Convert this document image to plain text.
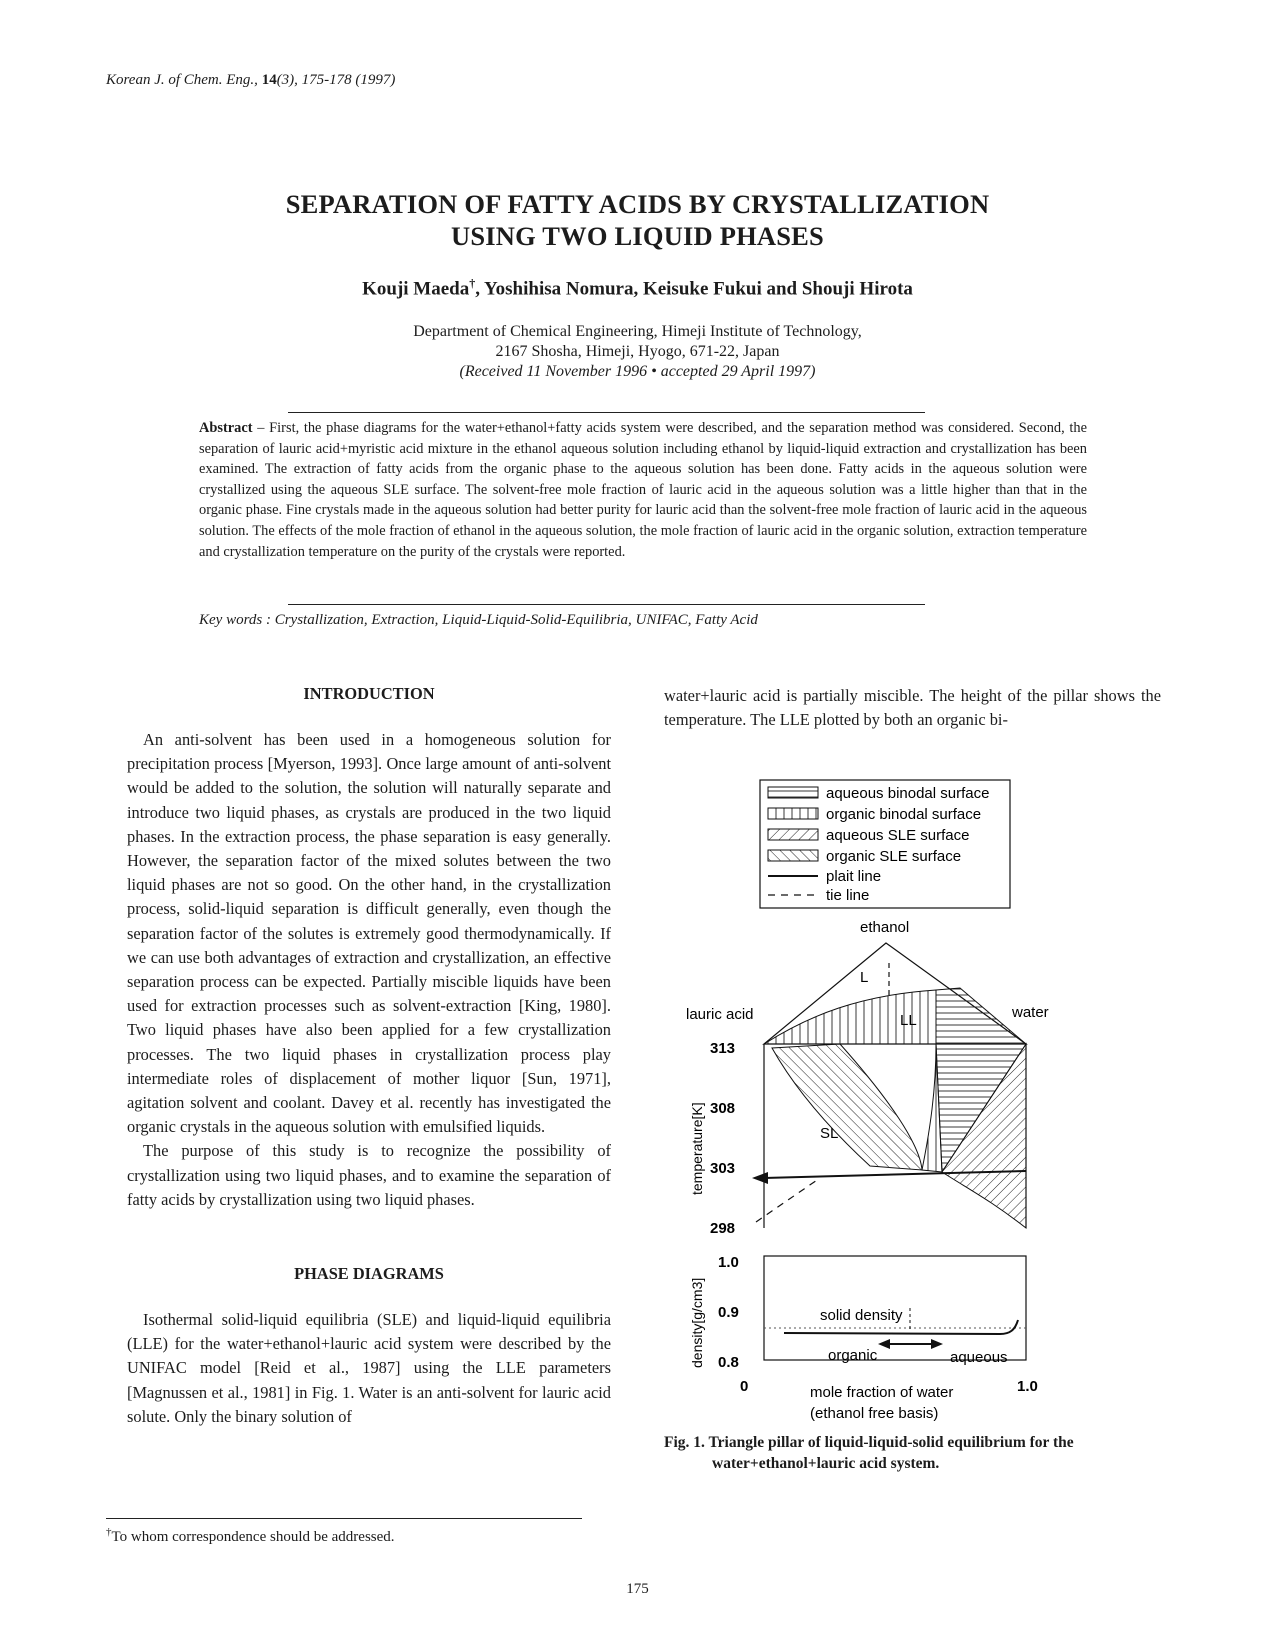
Korean J. of Chem. Eng., 14(3), 175-178 (1997)
SEPARATION OF FATTY ACIDS BY CRYSTALLIZATION
USING TWO LIQUID PHASES
Kouji Maeda†, Yoshihisa Nomura, Keisuke Fukui and Shouji Hirota
Department of Chemical Engineering, Himeji Institute of Technology,
2167 Shosha, Himeji, Hyogo, 671-22, Japan
(Received 11 November 1996 • accepted 29 April 1997)
Abstract – First, the phase diagrams for the water+ethanol+fatty acids system were described, and the separation method was considered. Second, the separation of lauric acid+myristic acid mixture in the ethanol aqueous solution including ethanol by liquid-liquid extraction and crystallization has been examined. The extraction of fatty acids from the organic phase to the aqueous solution has been done. Fatty acids in the aqueous solution were crystallized using the aqueous SLE surface. The solvent-free mole fraction of lauric acid in the aqueous solution was a little higher than that in the organic phase. Fine crystals made in the aqueous solution had better purity for lauric acid than the solvent-free mole fraction of lauric acid in the aqueous solution. The effects of the mole fraction of ethanol in the aqueous solution, the mole fraction of lauric acid in the organic solution, extraction temperature and crystallization temperature on the purity of the crystals were reported.
Key words : Crystallization, Extraction, Liquid-Liquid-Solid-Equilibria, UNIFAC, Fatty Acid
INTRODUCTION

An anti-solvent has been used in a homogeneous solution for precipitation process [Myerson, 1993]. Once large amount of anti-solvent would be added to the solution, the solution will naturally separate and introduce two liquid phases, as crystals are produced in the two liquid phases. In the extraction process, the phase separation is easy generally. However, the separation factor of the mixed solutes between the two liquid phases are not so good. On the other hand, in the crystallization process, solid-liquid separation is difficult generally, even though the separation factor of the solutes is extremely good thermodynamically. If we can use both advantages of extraction and crystallization, an effective separation process can be expected. Partially miscible liquids have been used for extraction processes such as solvent-extraction [King, 1980]. Two liquid phases have also been applied for a few crystallization processes. The two liquid phases in crystallization process play intermediate roles of displacement of mother liquor [Sun, 1971], agitation solvent and coolant. Davey et al. recently has investigated the organic crystals in the aqueous solution with emulsified liquids.

The purpose of this study is to recognize the possibility of crystallization using two liquid phases, and to examine the separation of fatty acids by crystallization using two liquid phases.

PHASE DIAGRAMS

Isothermal solid-liquid equilibria (SLE) and liquid-liquid equilibria (LLE) for the water+ethanol+lauric acid system were described by the UNIFAC model [Reid et al., 1987] using the LLE parameters [Magnussen et al., 1981] in Fig. 1. Water is an anti-solvent for lauric acid solute. Only the binary solution of

†To whom correspondence should be addressed.
water+lauric acid is partially miscible. The height of the pillar shows the temperature. The LLE plotted by both an organic bi-
aqueous binodal surface
organic binodal surface
aqueous SLE surface
organic SLE surface
plait line
tie line
ethanol
lauric acid	water
L
LL
SL
313
308
303
298
temperature[K]
solid density
organic	aqueous
1.0
0.9
0.8
density[g/cm3]
0	1.0
mole fraction of water
(ethanol free basis)
Fig. 1. Triangle pillar of liquid-liquid-solid equilibrium for the
water+ethanol+lauric acid system.
175
